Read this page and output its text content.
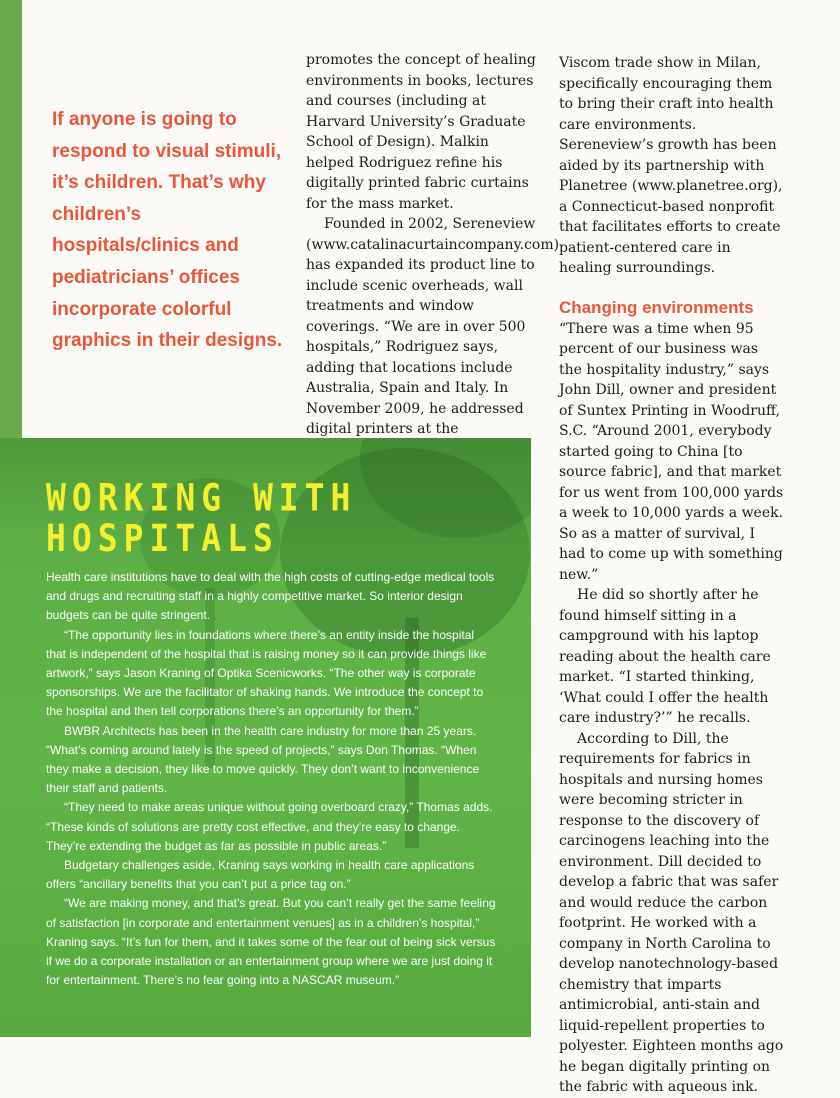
If anyone is going to respond to visual stimuli, it’s children. That’s why children’s hospitals/clinics and pediatricians’ offices incorporate colorful graphics in their designs.

promotes the concept of healing environments in books, lectures and courses (including at Harvard University’s Graduate School of Design). Malkin helped Rodriguez refine his digitally printed fabric curtains for the mass market.

Founded in 2002, Sereneview (www.catalinacurtaincompany.com) has expanded its product line to include scenic overheads, wall treatments and window coverings. “We are in over 500 hospitals,” Rodriguez says, adding that locations include Australia, Spain and Italy. In November 2009, he addressed digital printers at the

Viscom trade show in Milan, specifically encouraging them to bring their craft into health care environments. Sereneview’s growth has been aided by its partnership with Planetree (www.planetree.org), a Connecticut-based nonprofit that facilitates efforts to create patient-centered care in healing surroundings.

Changing environments

“There was a time when 95 percent of our business was the hospitality industry,” says John Dill, owner and president of Suntex Printing in Woodruff, S.C. “Around 2001, everybody started going to China [to source fabric], and that market for us went from 100,000 yards a week to 10,000 yards a week. So as a matter of survival, I had to come up with something new.”

He did so shortly after he found himself sitting in a campground with his laptop reading about the health care market. “I started thinking, ‘What could I offer the health care industry?’” he recalls.

According to Dill, the requirements for fabrics in hospitals and nursing homes were becoming stricter in response to the discovery of carcinogens leaching into the environment. Dill decided to develop a fabric that was safer and would reduce the carbon footprint. He worked with a company in North Carolina to develop nanotechnology-based chemistry that imparts antimicrobial, anti-stain and liquid-repellent properties to polyester. Eighteen months ago he began digitally printing on the fabric with aqueous ink.

WORKING WITH
HOSPITALS

Health care institutions have to deal with the high costs of cutting-edge medical tools and drugs and recruiting staff in a highly competitive market. So interior design budgets can be quite stringent.

“The opportunity lies in foundations where there’s an entity inside the hospital that is independent of the hospital that is raising money so it can provide things like artwork,” says Jason Kraning of Optika Scenicworks. “The other way is corporate sponsorships. We are the facilitator of shaking hands. We introduce the concept to the hospital and then tell corporations there’s an opportunity for them.”

BWBR Architects has been in the health care industry for more than 25 years. “What’s coming around lately is the speed of projects,” says Don Thomas. “When they make a decision, they like to move quickly. They don’t want to inconvenience their staff and patients.

“They need to make areas unique without going overboard crazy,” Thomas adds. “These kinds of solutions are pretty cost effective, and they’re easy to change. They’re extending the budget as far as possible in public areas.”

Budgetary challenges aside, Kraning says working in health care applications offers “ancillary benefits that you can’t put a price tag on.”

“We are making money, and that’s great. But you can’t really get the same feeling of satisfaction [in corporate and entertainment venues] as in a children’s hospital,” Kraning says. “It’s fun for them, and it takes some of the fear out of being sick versus if we do a corporate installation or an entertainment group where we are just doing it for entertainment. There’s no fear going into a NASCAR museum.”
